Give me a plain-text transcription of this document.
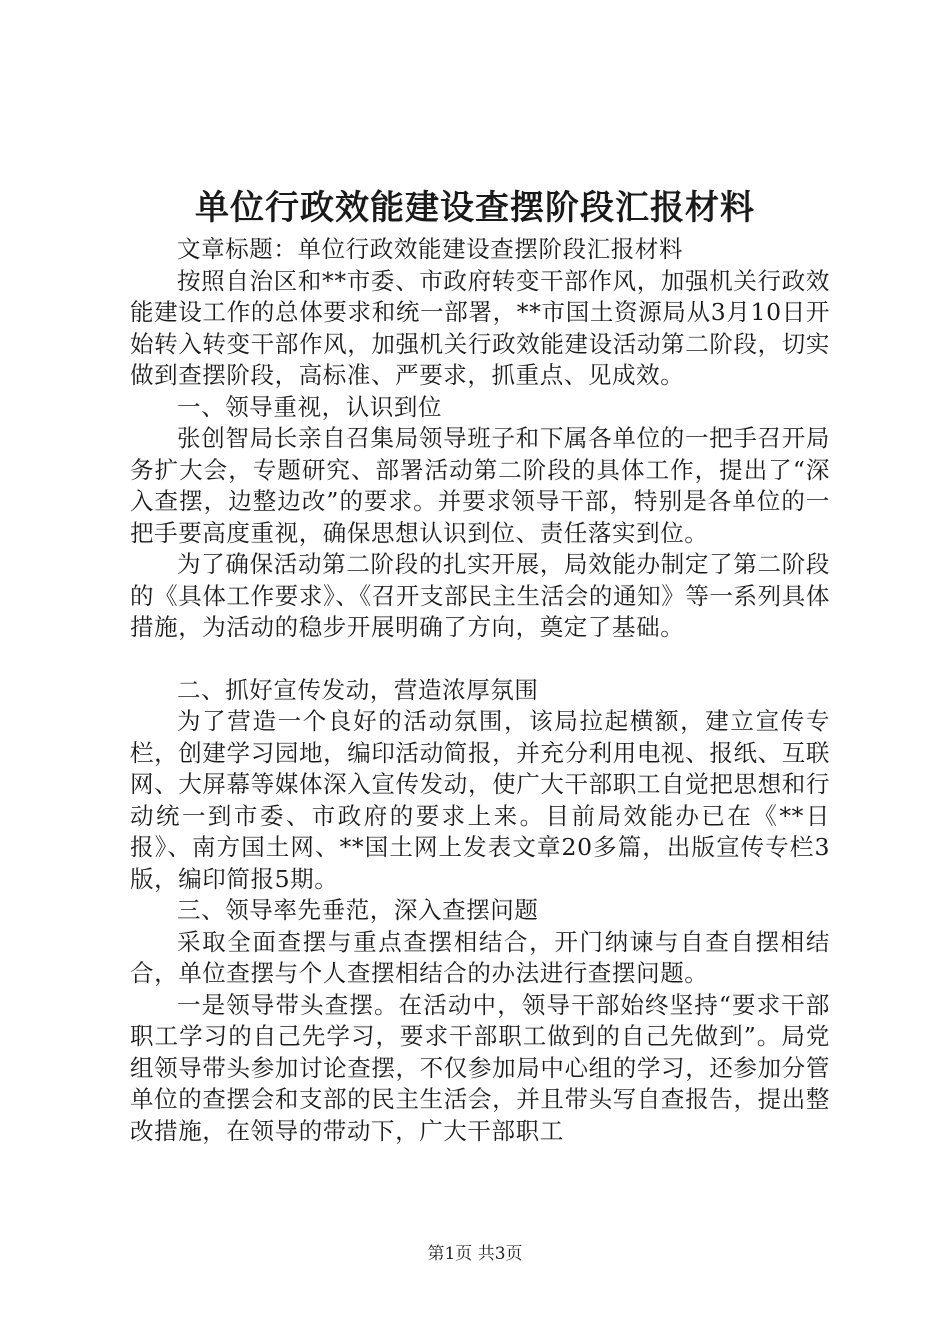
单位行政效能建设查摆阶段汇报材料

文章标题：单位行政效能建设查摆阶段汇报材料

按照自治区和**市委、市政府转变干部作风，加强机关行政效能建设工作的总体要求和统一部署，**市国土资源局从3月10日开始转入转变干部作风，加强机关行政效能建设活动第二阶段，切实做到查摆阶段，高标准、严要求，抓重点、见成效。

一、领导重视，认识到位

张创智局长亲自召集局领导班子和下属各单位的一把手召开局务扩大会，专题研究、部署活动第二阶段的具体工作，提出了“深入查摆，边整边改”的要求。并要求领导干部，特别是各单位的一把手要高度重视，确保思想认识到位、责任落实到位。

为了确保活动第二阶段的扎实开展，局效能办制定了第二阶段的《具体工作要求》、《召开支部民主生活会的通知》等一系列具体措施，为活动的稳步开展明确了方向，奠定了基础。

二、抓好宣传发动，营造浓厚氛围

为了营造一个良好的活动氛围，该局拉起横额，建立宣传专栏，创建学习园地，编印活动简报，并充分利用电视、报纸、互联网、大屏幕等媒体深入宣传发动，使广大干部职工自觉把思想和行动统一到市委、市政府的要求上来。目前局效能办已在《**日报》、南方国土网、**国土网上发表文章20多篇，出版宣传专栏3版，编印简报5期。

三、领导率先垂范，深入查摆问题

采取全面查摆与重点查摆相结合，开门纳谏与自查自摆相结合，单位查摆与个人查摆相结合的办法进行查摆问题。

一是领导带头查摆。在活动中，领导干部始终坚持“要求干部职工学习的自己先学习，要求干部职工做到的自己先做到”。局党组领导带头参加讨论查摆，不仅参加局中心组的学习，还参加分管单位的查摆会和支部的民主生活会，并且带头写自查报告，提出整改措施，在领导的带动下，广大干部职工

第1页 共3页
